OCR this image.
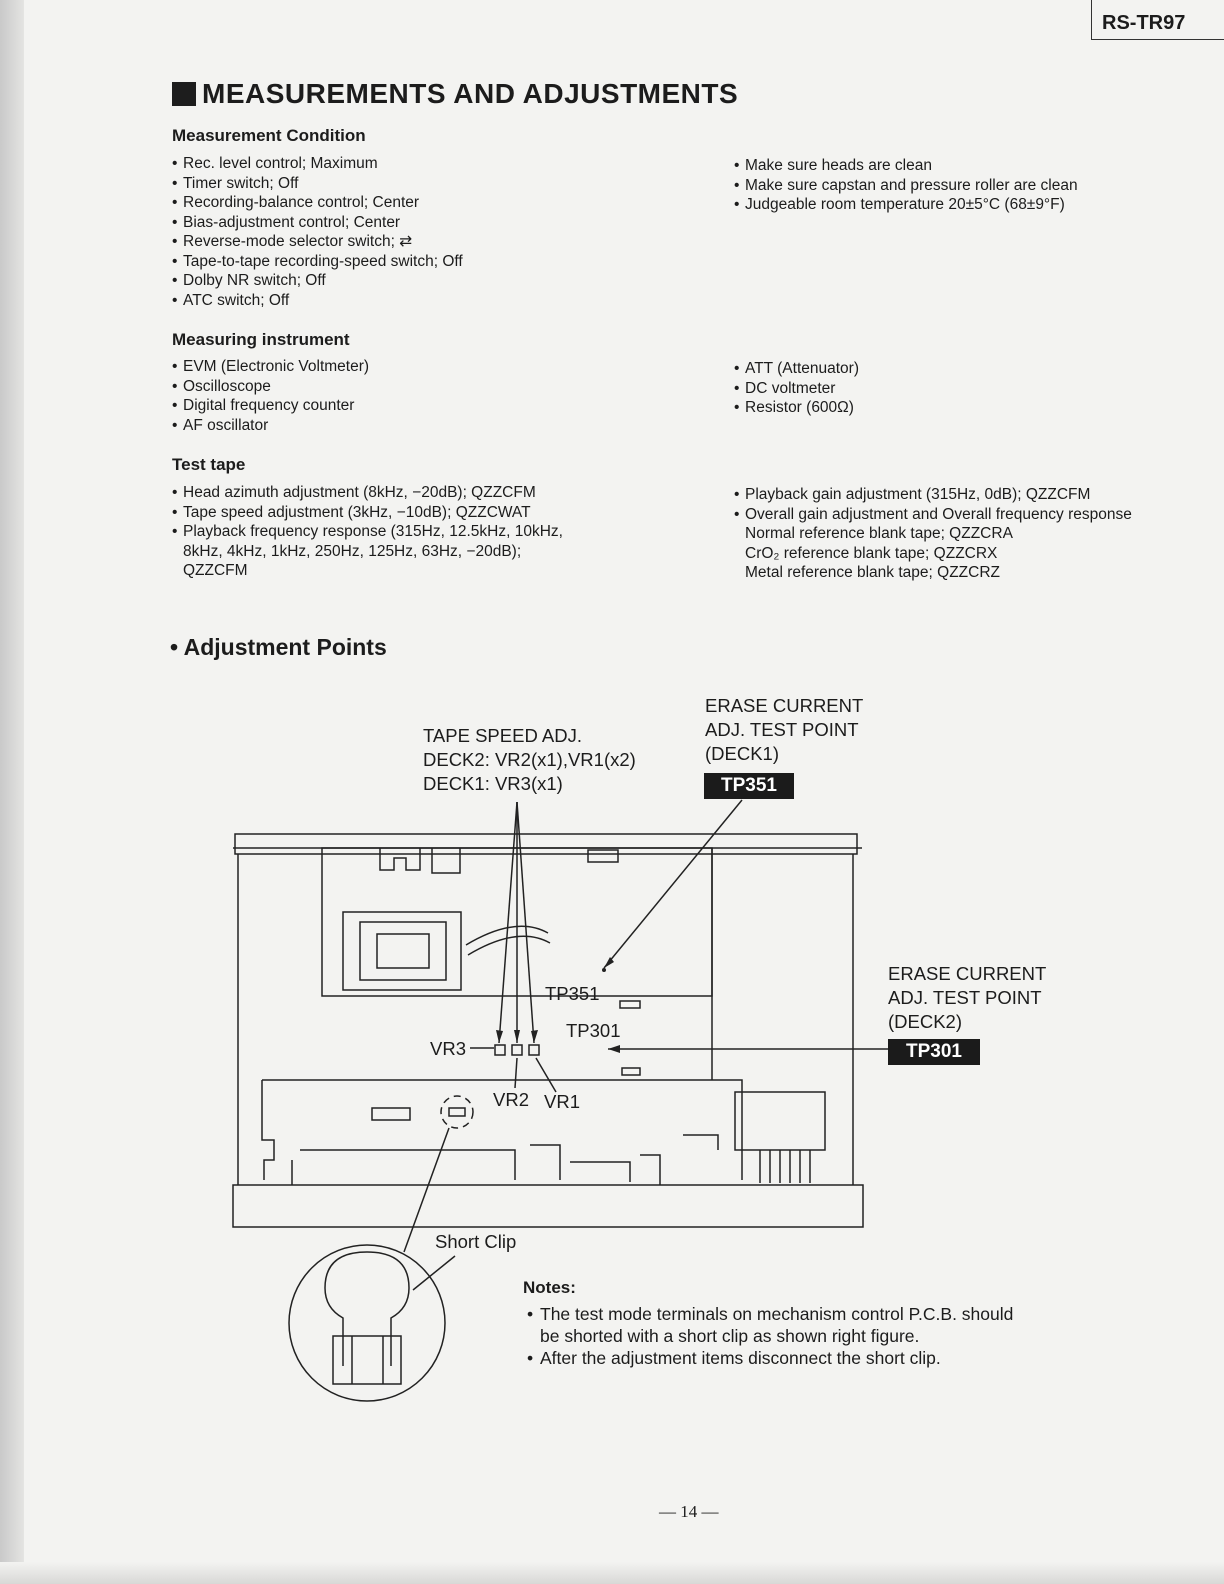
RS-TR97
MEASUREMENTS AND ADJUSTMENTS
Measurement Condition
• Rec. level control; Maximum
• Timer switch; Off
• Recording-balance control; Center
• Bias-adjustment control; Center
• Reverse-mode selector switch; ⇄
• Tape-to-tape recording-speed switch; Off
• Dolby NR switch; Off
• ATC switch; Off
• Make sure heads are clean
• Make sure capstan and pressure roller are clean
• Judgeable room temperature 20±5°C (68±9°F)
Measuring instrument
• EVM (Electronic Voltmeter)
• Oscilloscope
• Digital frequency counter
• AF oscillator
• ATT (Attenuator)
• DC voltmeter
• Resistor (600Ω)
Test tape
• Head azimuth adjustment (8kHz, −20dB); QZZCFM
• Tape speed adjustment (3kHz, −10dB); QZZCWAT
• Playback frequency response (315Hz, 12.5kHz, 10kHz,
8kHz, 4kHz, 1kHz, 250Hz, 125Hz, 63Hz, −20dB);
QZZCFM
• Playback gain adjustment (315Hz, 0dB); QZZCFM
• Overall gain adjustment and Overall frequency response
Normal reference blank tape; QZZCRA
CrO₂ reference blank tape; QZZCRX
Metal reference blank tape; QZZCRZ
• Adjustment Points
TAPE SPEED ADJ.
DECK2: VR2(x1),VR1(x2)
DECK1: VR3(x1)
ERASE CURRENT
ADJ. TEST POINT
(DECK1)
TP351
ERASE CURRENT
ADJ. TEST POINT
(DECK2)
TP301
TP351
TP301
VR3
VR2 VR1
Short Clip
Notes:
• The test mode terminals on mechanism control P.C.B. should be shorted with a short clip as shown right figure.
• After the adjustment items disconnect the short clip.
— 14 —
